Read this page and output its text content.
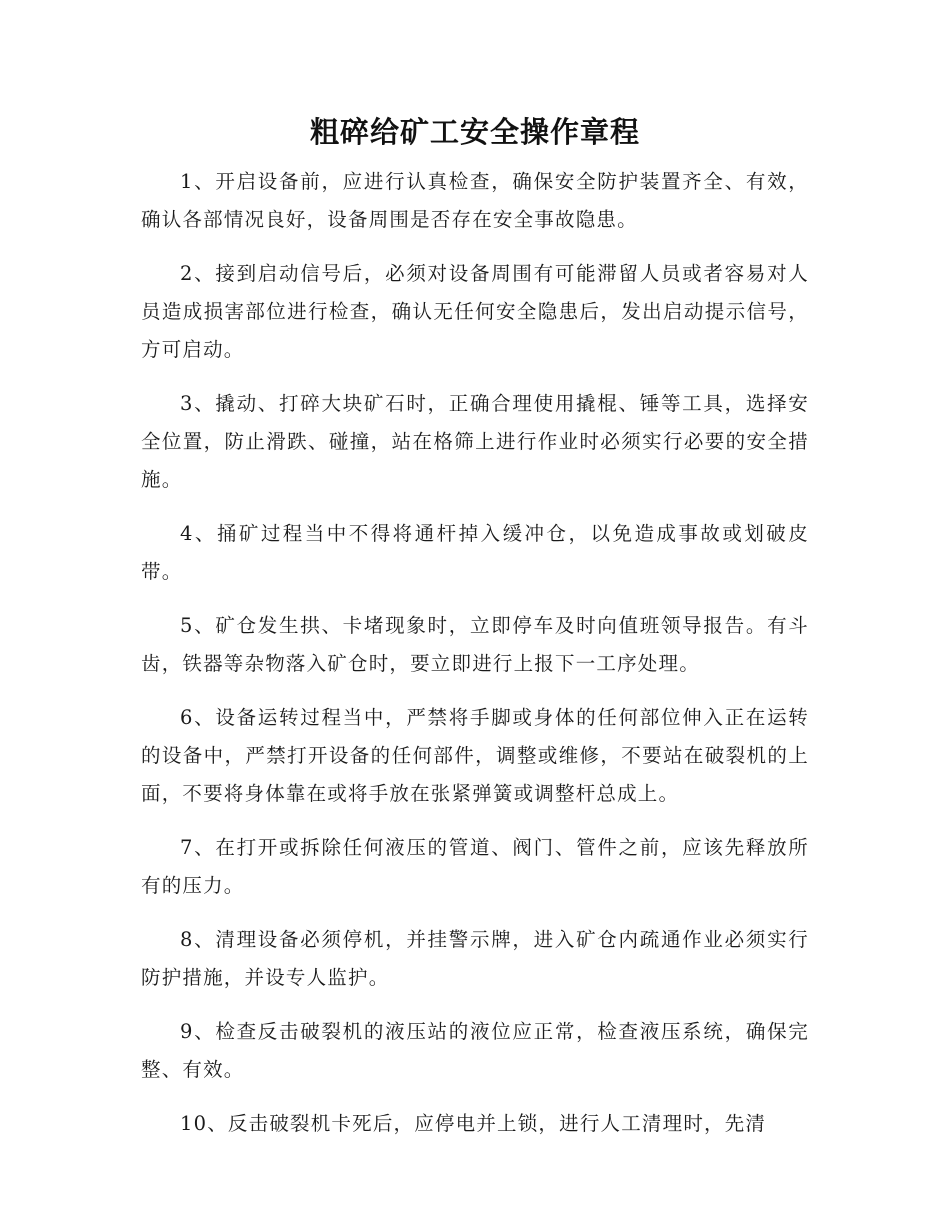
粗碎给矿工安全操作章程

1、开启设备前，应进行认真检查，确保安全防护装置齐全、有效，确认各部情况良好，设备周围是否存在安全事故隐患。

2、接到启动信号后，必须对设备周围有可能滞留人员或者容易对人员造成损害部位进行检查，确认无任何安全隐患后，发出启动提示信号，方可启动。

3、撬动、打碎大块矿石时，正确合理使用撬棍、锤等工具，选择安全位置，防止滑跌、碰撞，站在格筛上进行作业时必须实行必要的安全措施。

4、捅矿过程当中不得将通杆掉入缓冲仓，以免造成事故或划破皮带。

5、矿仓发生拱、卡堵现象时，立即停车及时向值班领导报告。有斗齿，铁器等杂物落入矿仓时，要立即进行上报下一工序处理。

6、设备运转过程当中，严禁将手脚或身体的任何部位伸入正在运转的设备中，严禁打开设备的任何部件，调整或维修，不要站在破裂机的上面，不要将身体靠在或将手放在张紧弹簧或调整杆总成上。

7、在打开或拆除任何液压的管道、阀门、管件之前，应该先释放所有的压力。

8、清理设备必须停机，并挂警示牌，进入矿仓内疏通作业必须实行防护措施，并设专人监护。

9、检查反击破裂机的液压站的液位应正常，检查液压系统，确保完整、有效。

10、反击破裂机卡死后，应停电并上锁，进行人工清理时，先清
